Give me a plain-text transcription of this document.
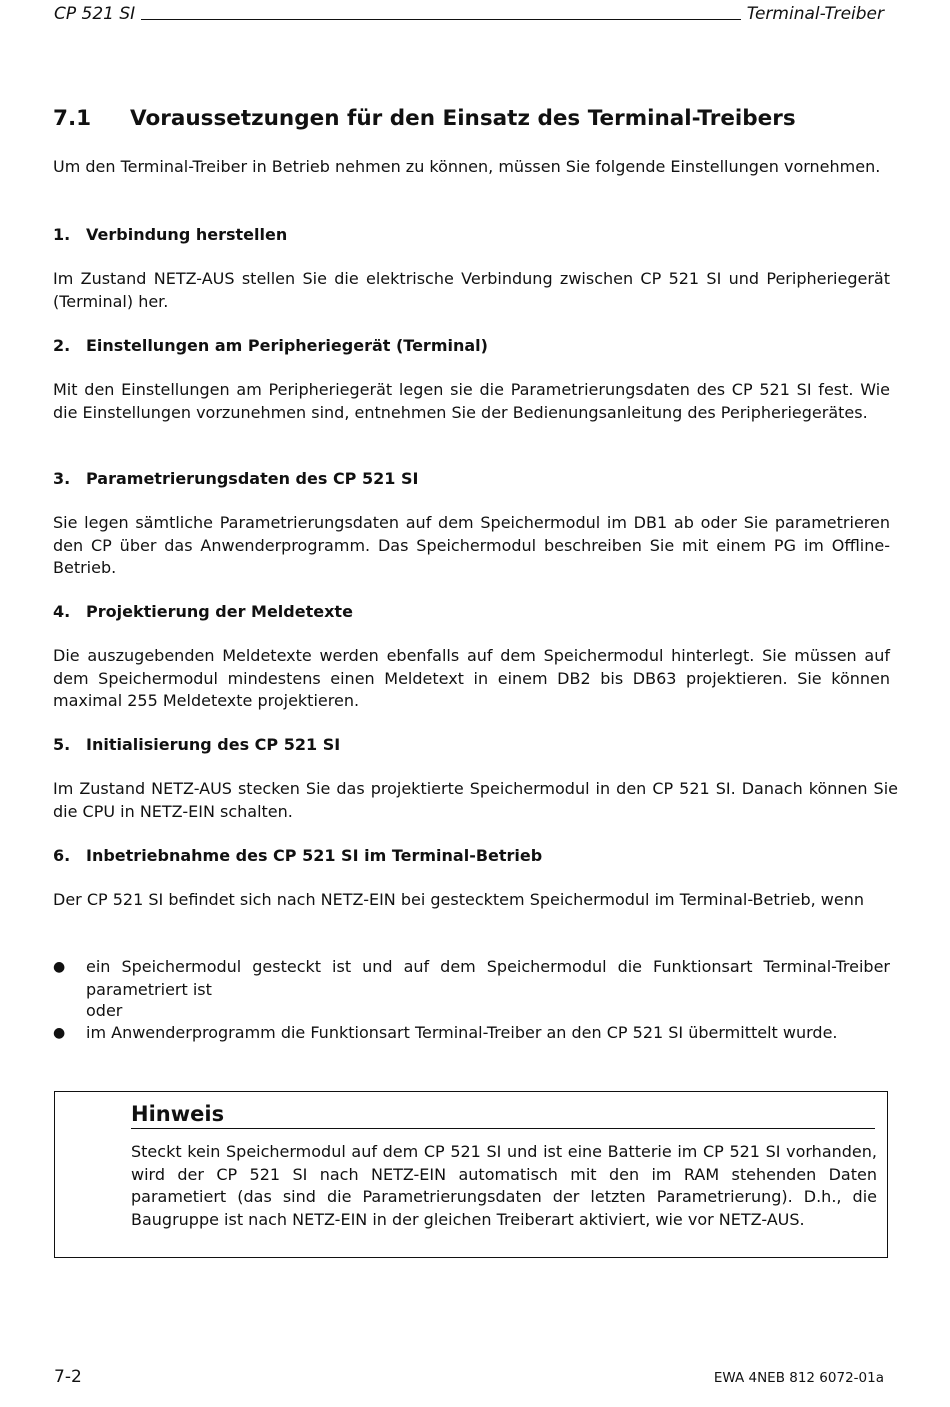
CP 521 SI	Terminal-Treiber
7.1	Voraussetzungen für den Einsatz des Terminal-Treibers

Um den Terminal-Treiber in Betrieb nehmen zu können, müssen Sie folgende Einstellungen vornehmen.

1. Verbindung herstellen

Im Zustand NETZ-AUS stellen Sie die elektrische Verbindung zwischen CP 521 SI und Peripheriegerät (Terminal) her.

2. Einstellungen am Peripheriegerät (Terminal)

Mit den Einstellungen am Peripheriegerät legen sie die Parametrierungsdaten des CP 521 SI fest. Wie die Einstellungen vorzunehmen sind, entnehmen Sie der Bedienungsanleitung des Peripheriegerätes.

3. Parametrierungsdaten des CP 521 SI

Sie legen sämtliche Parametrierungsdaten auf dem Speichermodul im DB1 ab oder Sie parametrieren den CP über das Anwenderprogramm. Das Speichermodul beschreiben Sie mit einem PG im Offline-Betrieb.

4. Projektierung der Meldetexte

Die auszugebenden Meldetexte werden ebenfalls auf dem Speichermodul hinterlegt. Sie müssen auf dem Speichermodul mindestens einen Meldetext in einem DB2 bis DB63 projektieren. Sie können maximal 255 Meldetexte projektieren.

5. Initialisierung des CP 521 SI

Im Zustand NETZ-AUS stecken Sie das projektierte Speichermodul in den CP 521 SI. Danach können Sie die CPU in NETZ-EIN schalten.

6. Inbetriebnahme des CP 521 SI im Terminal-Betrieb

Der CP 521 SI befindet sich nach NETZ-EIN bei gestecktem Speichermodul im Terminal-Betrieb, wenn

●	ein Speichermodul gesteckt ist und auf dem Speichermodul die Funktionsart Terminal-Treiber parametriert ist
oder
●	im Anwenderprogramm die Funktionsart Terminal-Treiber an den CP 521 SI übermittelt wurde.
Hinweis
Steckt kein Speichermodul auf dem CP 521 SI und ist eine Batterie im CP 521 SI vorhanden, wird der CP 521 SI nach NETZ-EIN automatisch mit den im RAM stehenden Daten parametiert (das sind die Parametrierungsdaten der letzten Parametrierung). D.h., die Baugruppe ist nach NETZ-EIN in der gleichen Treiberart aktiviert, wie vor NETZ-AUS.
7-2	EWA 4NEB 812 6072-01a
